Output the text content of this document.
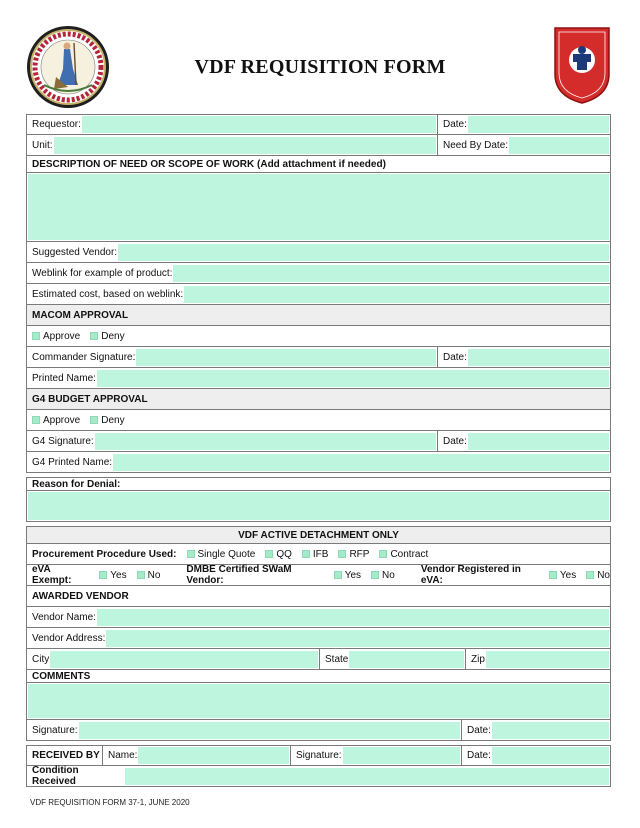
VDF REQUISITION FORM
Requestor:	Date:
Unit:	Need By Date:
DESCRIPTION OF NEED OR SCOPE OF WORK (Add attachment if needed)
Suggested Vendor:
Weblink for example of product:
Estimated cost, based on weblink:
MACOM APPROVAL
Approve Deny
Commander Signature:	Date:
Printed Name:
G4 BUDGET APPROVAL
Approve Deny
G4 Signature:	Date:
G4 Printed Name:
Reason for Denial:
VDF ACTIVE DETACHMENT ONLY
Procurement Procedure Used: Single Quote QQ IFB RFP Contract
eVA Exempt:	Yes No	DMBE Certified SWaM Vendor:	Yes No	Vendor Registered in eVA:	Yes No
AWARDED VENDOR
Vendor Name:
Vendor Address:
City	State	Zip
COMMENTS
Signature:	Date:
RECEIVED BY Name:	Signature:	Date:
Condition Received
VDF REQUISITION FORM 37-1, JUNE 2020
